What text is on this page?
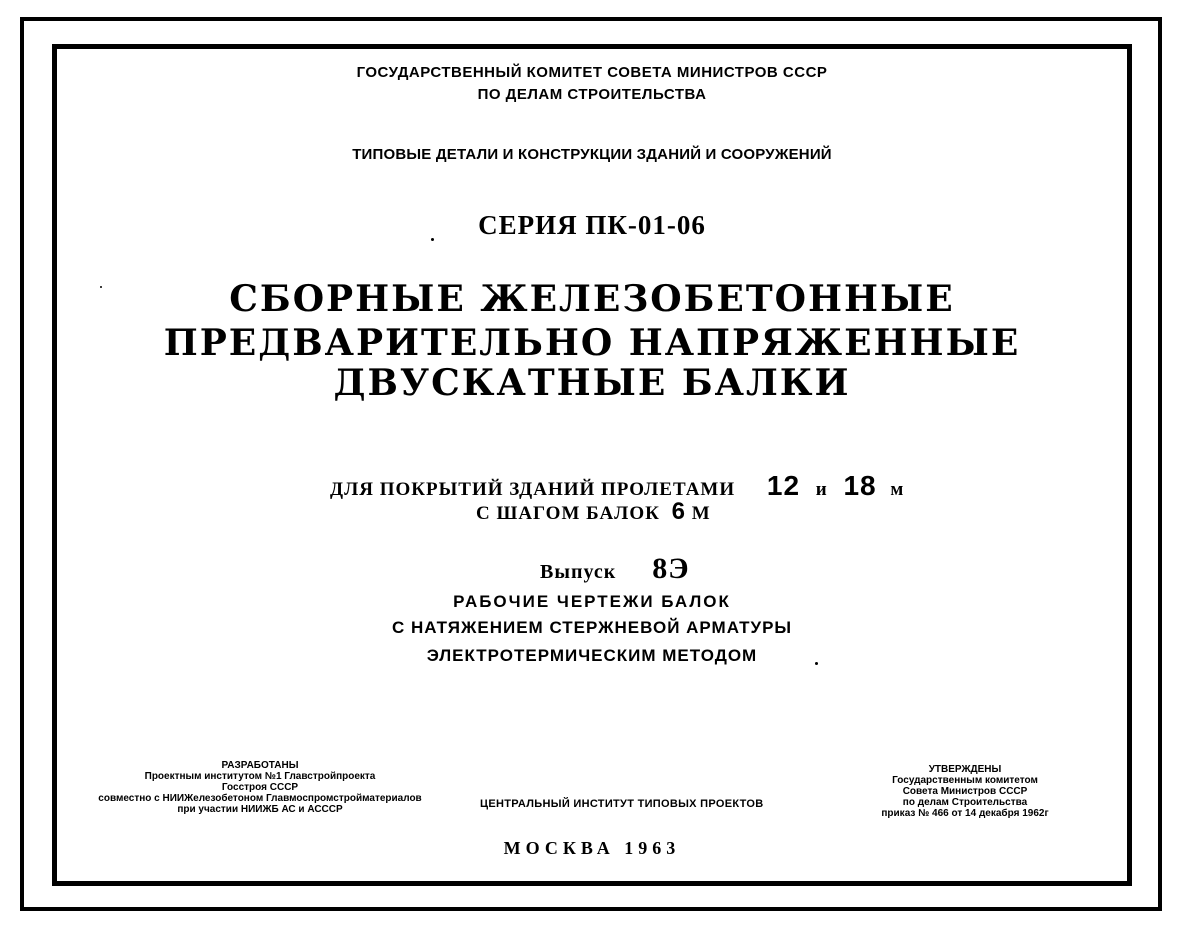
ГОСУДАРСТВЕННЫЙ КОМИТЕТ СОВЕТА МИНИСТРОВ СССР
ПО ДЕЛАМ СТРОИТЕЛЬСТВА
ТИПОВЫЕ ДЕТАЛИ И КОНСТРУКЦИИ ЗДАНИЙ И СООРУЖЕНИЙ
СЕРИЯ ПК-01-06
СБОРНЫЕ ЖЕЛЕЗОБЕТОННЫЕ
ПРЕДВАРИТЕЛЬНО НАПРЯЖЕННЫЕ
ДВУСКАТНЫЕ БАЛКИ
ДЛЯ ПОКРЫТИЙ ЗДАНИЙ ПРОЛЕТАМИ 12 и 18 м
С ШАГОМ БАЛОК 6 М
Выпуск 8Э
РАБОЧИЕ ЧЕРТЕЖИ БАЛОК
С НАТЯЖЕНИЕМ СТЕРЖНЕВОЙ АРМАТУРЫ
ЭЛЕКТРОТЕРМИЧЕСКИМ МЕТОДОМ
РАЗРАБОТАНЫ
Проектным институтом №1 Главстройпроекта
Госстроя СССР
совместно с НИИЖелезобетоном Главмоспромстройматериалов
при участии НИИЖБ АС и АСССР	ЦЕНТРАЛЬНЫЙ ИНСТИТУТ ТИПОВЫХ ПРОЕКТОВ
УТВЕРЖДЕНЫ
Государственным комитетом
Совета Министров СССР
по делам Строительства
приказ № 466 от 14 декабря 1962г
МОСКВА 1963
